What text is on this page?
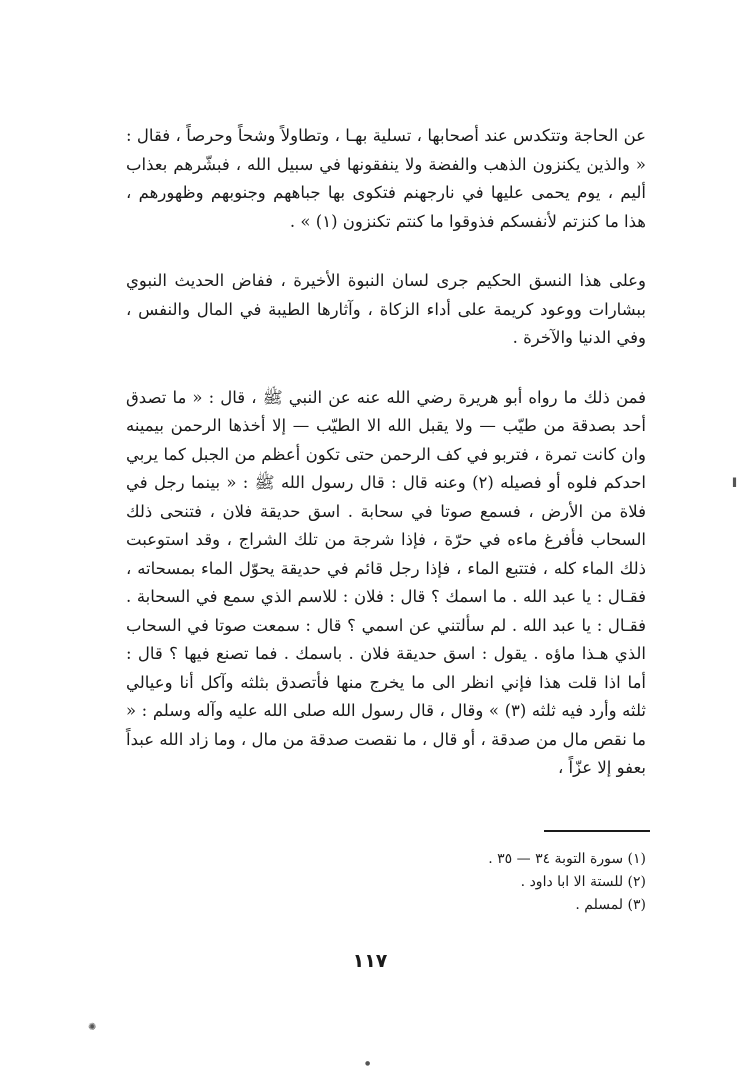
عن الحاجة وتتكدس عند أصحابها ، تسلية بهـا ، وتطاولاً وشحاً وحرصاً ، فقال : « والذين يكنزون الذهب والفضة ولا ينفقونها في سبيل الله ، فبشّرهم بعذاب أليم ، يوم يحمى عليها في نارجهنم فتكوى بها جباههم وجنوبهم وظهورهم ، هذا ما كنزتم لأنفسكم فذوقوا ما كنتم تكنزون (١) » .

وعلى هذا النسق الحكيم جرى لسان النبوة الأخيرة ، ففاض الحديث النبوي ببشارات ووعود كريمة على أداء الزكاة ، وآثارها الطيبة في المال والنفس ، وفي الدنيا والآخرة .

فمن ذلك ما رواه أبو هريرة رضي الله عنه عن النبي ﷺ ، قال : « ما تصدق أحد بصدقة من طيّب — ولا يقبل الله الا الطيّب — إلا أخذها الرحمن بيمينه وان كانت تمرة ، فتربو في كف الرحمن حتى تكون أعظم من الجبل كما يربي احدكم فلوه أو فصيله (٢) وعنه قال : قال رسول الله ﷺ : « بينما رجل في فلاة من الأرض ، فسمع صوتا في سحابة . اسق حديقة فلان ، فتنحى ذلك السحاب فأفرغ ماءه في حرّة ، فإذا شرجة من تلك الشراج ، وقد استوعبت ذلك الماء كله ، فتتبع الماء ، فإذا رجل قائم في حديقة يحوّل الماء بمسحاته ، فقـال : يا عبد الله . ما اسمك ؟ قال : فلان : للاسم الذي سمع في السحابة . فقـال : يا عبد الله . لم سألتني عن اسمي ؟ قال : سمعت صوتا في السحاب الذي هـذا ماؤه . يقول : اسق حديقة فلان . باسمك . فما تصنع فيها ؟ قال : أما اذا قلت هذا فإني انظر الى ما يخرج منها فأتصدق بثلثه وآكل أنا وعيالي ثلثه وأرد فيه ثلثه (٣) » وقال ، قال رسول الله صلى الله عليه وآله وسلم : « ما نقص مال من صدقة ، أو قال ، ما نقصت صدقة من مال ، وما زاد الله عبداً بعفو إلا عزّاً ،

(١) سورة التوبة ٣٤ — ٣٥ .
(٢) للستة الا ابا داود .
(٣) لمسلم .
١١٧
✺
●
▌
